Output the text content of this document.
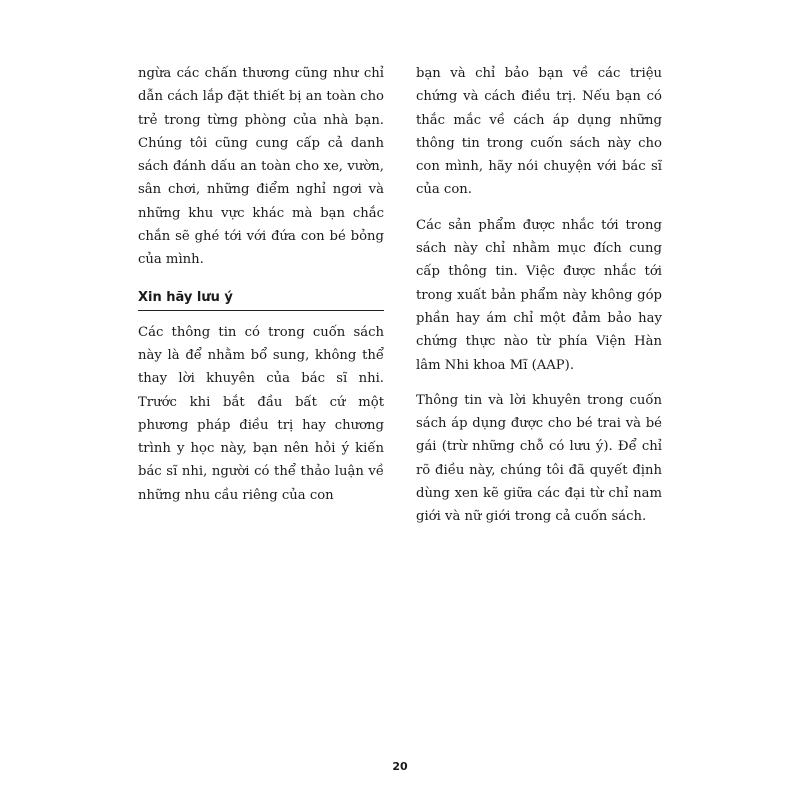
ngừa các chấn thương cũng như chỉ dẫn cách lắp đặt thiết bị an toàn cho trẻ trong từng phòng của nhà bạn. Chúng tôi cũng cung cấp cả danh sách đánh dấu an toàn cho xe, vườn, sân chơi, những điểm nghỉ ngơi và những khu vực khác mà bạn chắc chắn sẽ ghé tới với đứa con bé bỏng của mình.

Xin hãy lưu ý

Các thông tin có trong cuốn sách này là để nhằm bổ sung, không thể thay lời khuyên của bác sĩ nhi. Trước khi bắt đầu bất cứ một phương pháp điều trị hay chương trình y học này, bạn nên hỏi ý kiến bác sĩ nhi, người có thể thảo luận về những nhu cầu riêng của con

bạn và chỉ bảo bạn về các triệu chứng và cách điều trị. Nếu bạn có thắc mắc về cách áp dụng những thông tin trong cuốn sách này cho con mình, hãy nói chuyện với bác sĩ của con.

Các sản phẩm được nhắc tới trong sách này chỉ nhằm mục đích cung cấp thông tin. Việc được nhắc tới trong xuất bản phẩm này không góp phần hay ám chỉ một đảm bảo hay chứng thực nào từ phía Viện Hàn lâm Nhi khoa Mĩ (AAP).

Thông tin và lời khuyên trong cuốn sách áp dụng được cho bé trai và bé gái (trừ những chỗ có lưu ý). Để chỉ rõ điều này, chúng tôi đã quyết định dùng xen kẽ giữa các đại từ chỉ nam giới và nữ giới trong cả cuốn sách.

20
